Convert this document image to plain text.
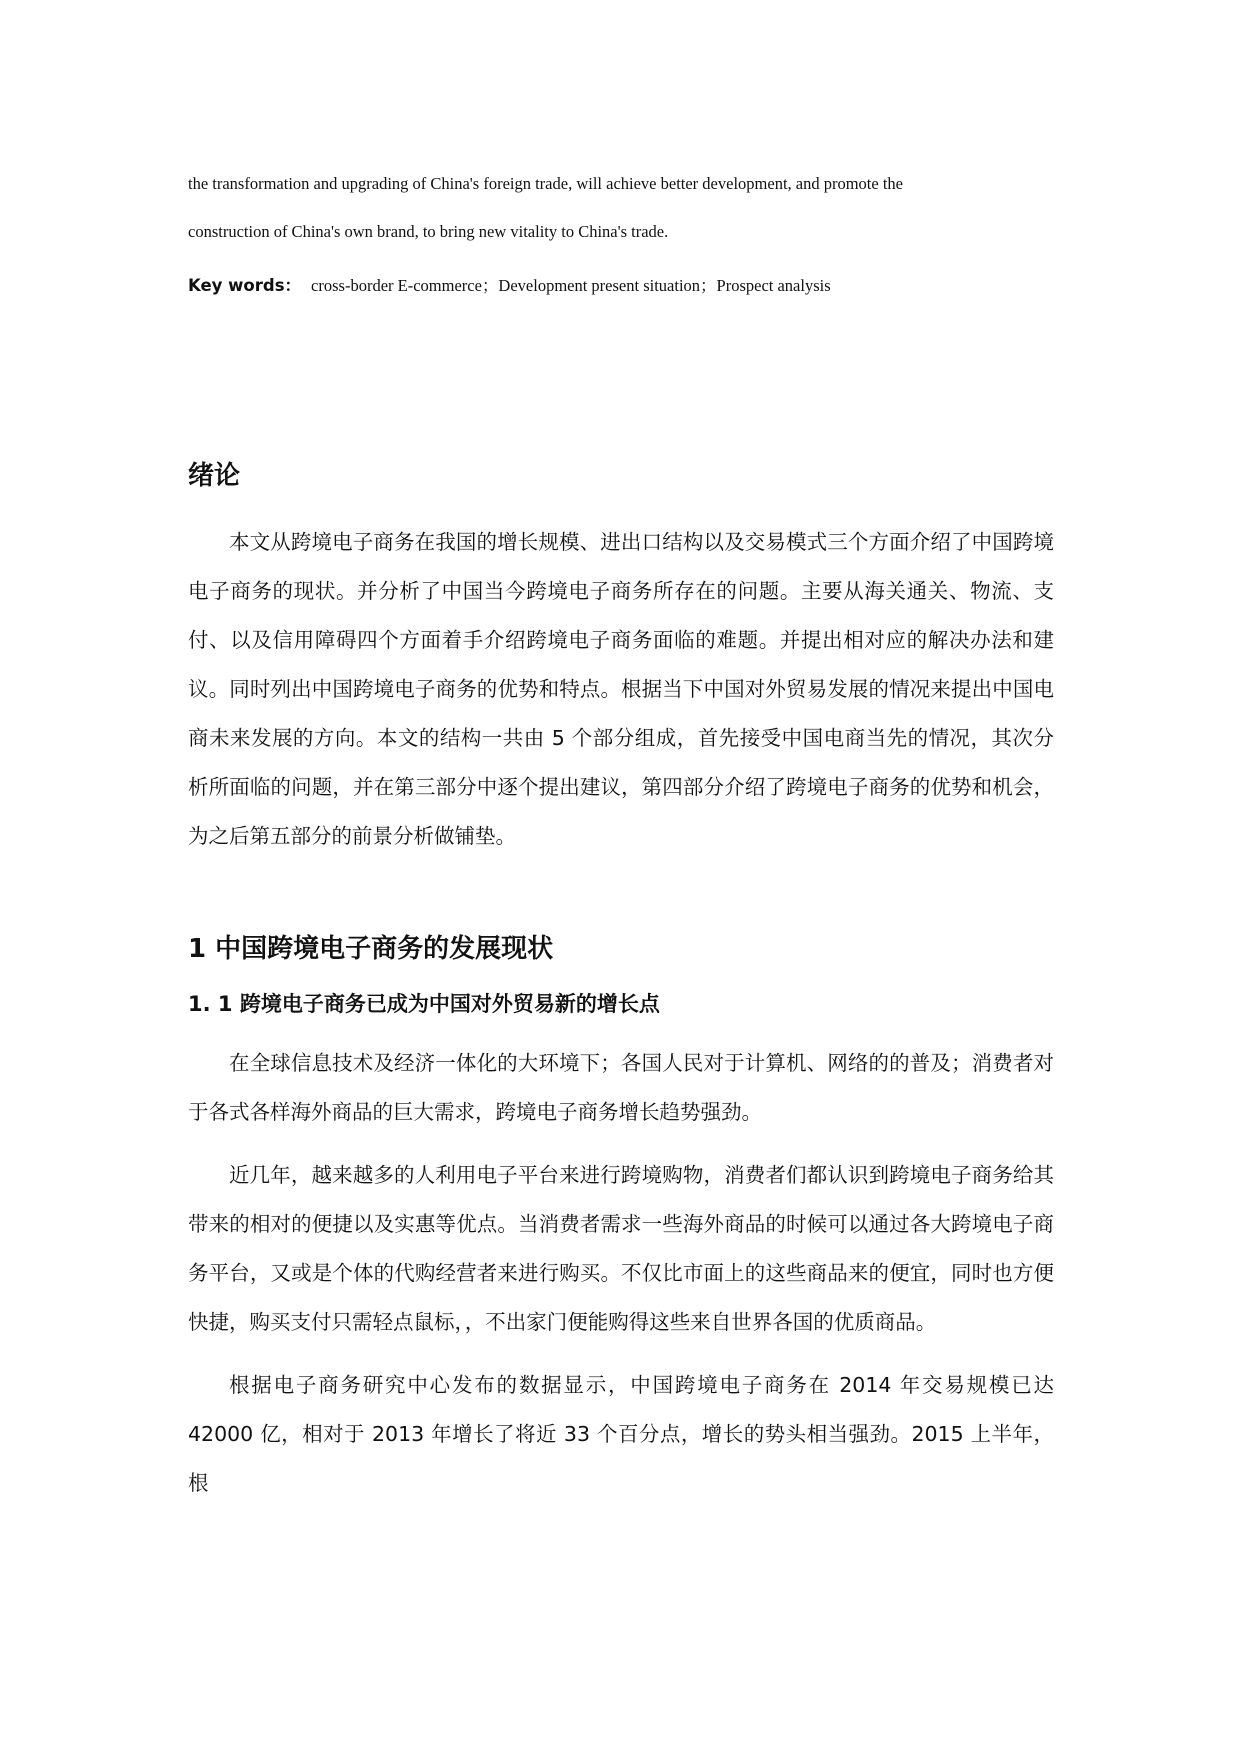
the transformation and upgrading of China's foreign trade, will achieve better development, and promote the
construction of China's own brand, to bring new vitality to China's trade.

Key words： cross-border E-commerce；Development present situation；Prospect analysis

绪论

本文从跨境电子商务在我国的增长规模、进出口结构以及交易模式三个方面介绍了中国跨境电子商务的现状。并分析了中国当今跨境电子商务所存在的问题。主要从海关通关、物流、支付、以及信用障碍四个方面着手介绍跨境电子商务面临的难题。并提出相对应的解决办法和建议。同时列出中国跨境电子商务的优势和特点。根据当下中国对外贸易发展的情况来提出中国电商未来发展的方向。本文的结构一共由 5 个部分组成，首先接受中国电商当先的情况，其次分析所面临的问题，并在第三部分中逐个提出建议，第四部分介绍了跨境电子商务的优势和机会，为之后第五部分的前景分析做铺垫。

1 中国跨境电子商务的发展现状
1. 1 跨境电子商务已成为中国对外贸易新的增长点

在全球信息技术及经济一体化的大环境下；各国人民对于计算机、网络的的普及；消费者对于各式各样海外商品的巨大需求，跨境电子商务增长趋势强劲。

近几年，越来越多的人利用电子平台来进行跨境购物，消费者们都认识到跨境电子商务给其带来的相对的便捷以及实惠等优点。当消费者需求一些海外商品的时候可以通过各大跨境电子商务平台，又或是个体的代购经营者来进行购买。不仅比市面上的这些商品来的便宜，同时也方便快捷，购买支付只需轻点鼠标，，不出家门便能购得这些来自世界各国的优质商品。

根据电子商务研究中心发布的数据显示，中国跨境电子商务在 2014 年交易规模已达 42000 亿，相对于 2013 年增长了将近 33 个百分点，增长的势头相当强劲。2015 上半年，根
